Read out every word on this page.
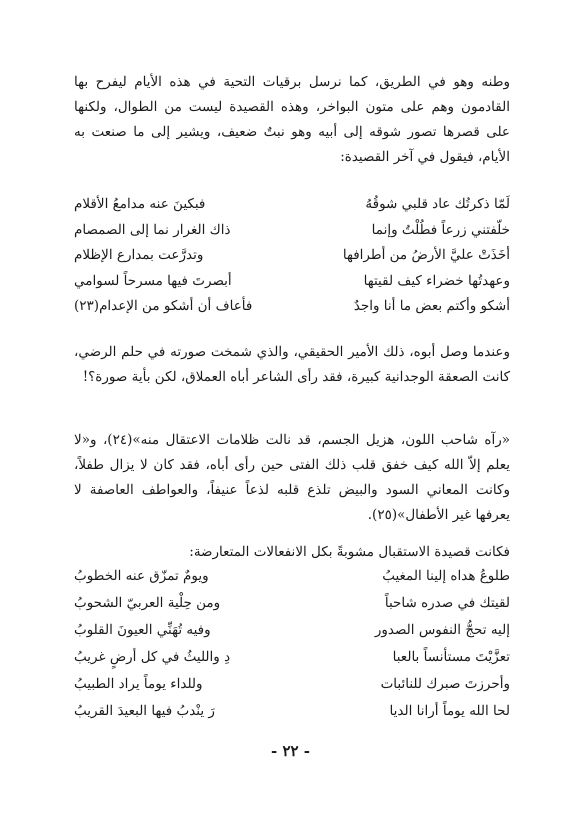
وطنه وهو في الطريق، كما نرسل برقيات التحية في هذه الأيام ليفرح بها القادمون وهم على متون البواخر، وهذه القصيدة ليست من الطوال، ولكنها على قصرها تصور شوقه إلى أبيه وهو نبتٌ ضعيف، ويشير إلى ما صنعت به الأيام، فيقول في آخر القصيدة:

لَمّا ذكرتُك عاد قلبي شوقُهُ
فبكينَ عنه مدامعُ الأقلام
خلّفتني زرعاً فطُلْتُ وإنما
ذاك الغرار نما إلى الصمصام
أخَذَتْ عليَّ الأرضُ من أطرافها
وتدرَّعت بمدارع الإظلام
وعهدتُها خضراء كيف لقيتها
أبصرتَ فيها مسرحاً لسوامي
أشكو وأكتم بعض ما أنا واجدٌ
فأعاف أن أشكو من الإعدام(٢٣)

وعندما وصل أبوه، ذلك الأمير الحقيقي، والذي شمخت صورته في حلم الرضي، كانت الصعقة الوجدانية كبيرة، فقد رأى الشاعر أباه العملاق، لكن بأية صورة؟!

«رآه شاحب اللون، هزيل الجسم، قد نالت ظلامات الاعتقال منه»(٢٤)، و«لا يعلم إلاّ الله كيف خفق قلب ذلك الفتى حين رأى أباه، فقد كان لا يزال طفلاً، وكانت المعاني السود والبيض تلذع قلبه لذعاً عنيفاً، والعواطف العاصفة لا يعرفها غير الأطفال»(٢٥).

فكانت قصيدة الاستقبال مشوبةً بكل الانفعالات المتعارضة:

طلوعُ هداه إلينا المغيبُ
ويومٌ تمزّق عنه الخطوبُ
لقيتك في صدره شاحباً
ومن حِلْية العربيّ الشحوبُ
إليه تحجُّ النفوس الصدور
وفيه تُهَنِّي العيونَ القلوبُ
تعزَّيْتَ مستأنساً بالعبا
دِ والليثُ في كل أرضٍ غريبُ
وأحرزتَ صبرك للنائبات
وللداء يوماً يراد الطبيبُ
لحا الله يوماً أرانا الديا
رَ ينْدبُ فيها البعيدَ القريبُ
- ٢٢ -
